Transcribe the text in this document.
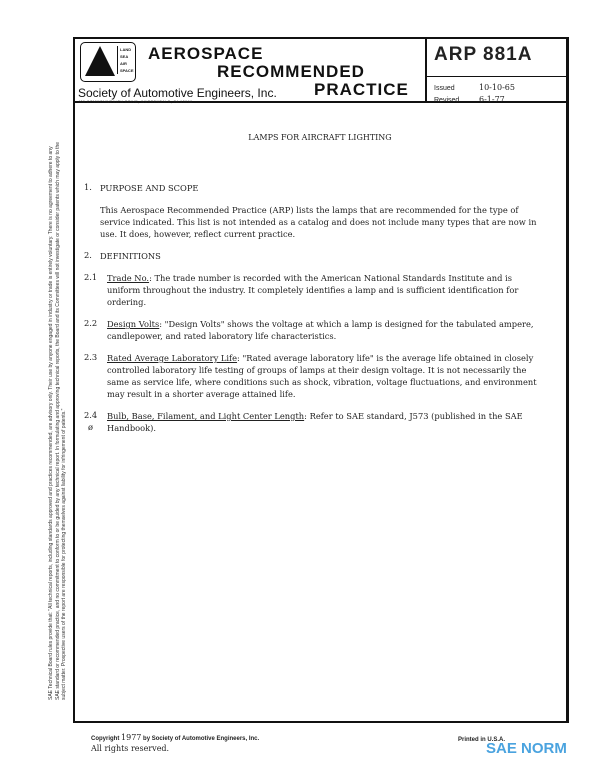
LAND
SEA
AIR
SPACE
AEROSPACE
RECOMMENDED
PRACTICE
Society of Automotive Engineers, Inc.
400 COMMONWEALTH DRIVE, WARRENDALE, PA 15096
ARP 881A
Issued	10-10-65
Revised 6-1-77
LAMPS FOR AIRCRAFT LIGHTING
1. PURPOSE AND SCOPE
This Aerospace Recommended Practice (ARP) lists the lamps that are recommended for the type of service indicated. This list is not intended as a catalog and does not include many types that are now in use. It does, however, reflect current practice.
2. DEFINITIONS
2.1 Trade No.: The trade number is recorded with the American National Standards Institute and is uniform throughout the industry. It completely identifies a lamp and is sufficient identification for ordering.
2.2 Design Volts: "Design Volts" shows the voltage at which a lamp is designed for the tabulated ampere, candlepower, and rated laboratory life characteristics.
2.3 Rated Average Laboratory Life: "Rated average laboratory life" is the average life obtained in closely controlled laboratory life testing of groups of lamps at their design voltage. It is not necessarily the same as service life, where conditions such as shock, vibration, voltage fluctuations, and environment may result in a shorter average attained life.
2.4
ø
Bulb, Base, Filament, and Light Center Length: Refer to SAE standard, J573 (published in the SAE Handbook).
SAE Technical Board rules provide that: "All technical reports, including standards approved and practices recommended, are advisory only. Their use by anyone engaged in industry or trade is entirely voluntary. There is no agreement to adhere to any SAE standard or recommended practice, and no commitment to conform to or be guided by any technical report. In formulating and approving technical reports, the Board and its Committees will not investigate or consider patents which may apply to the subject matter. Prospective users of the report are responsible for protecting themselves against liability for infringement of patents."
Copyright 1977 by Society of Automotive Engineers, Inc.
All rights reserved.
Printed in U.S.A.
SAE NORM
